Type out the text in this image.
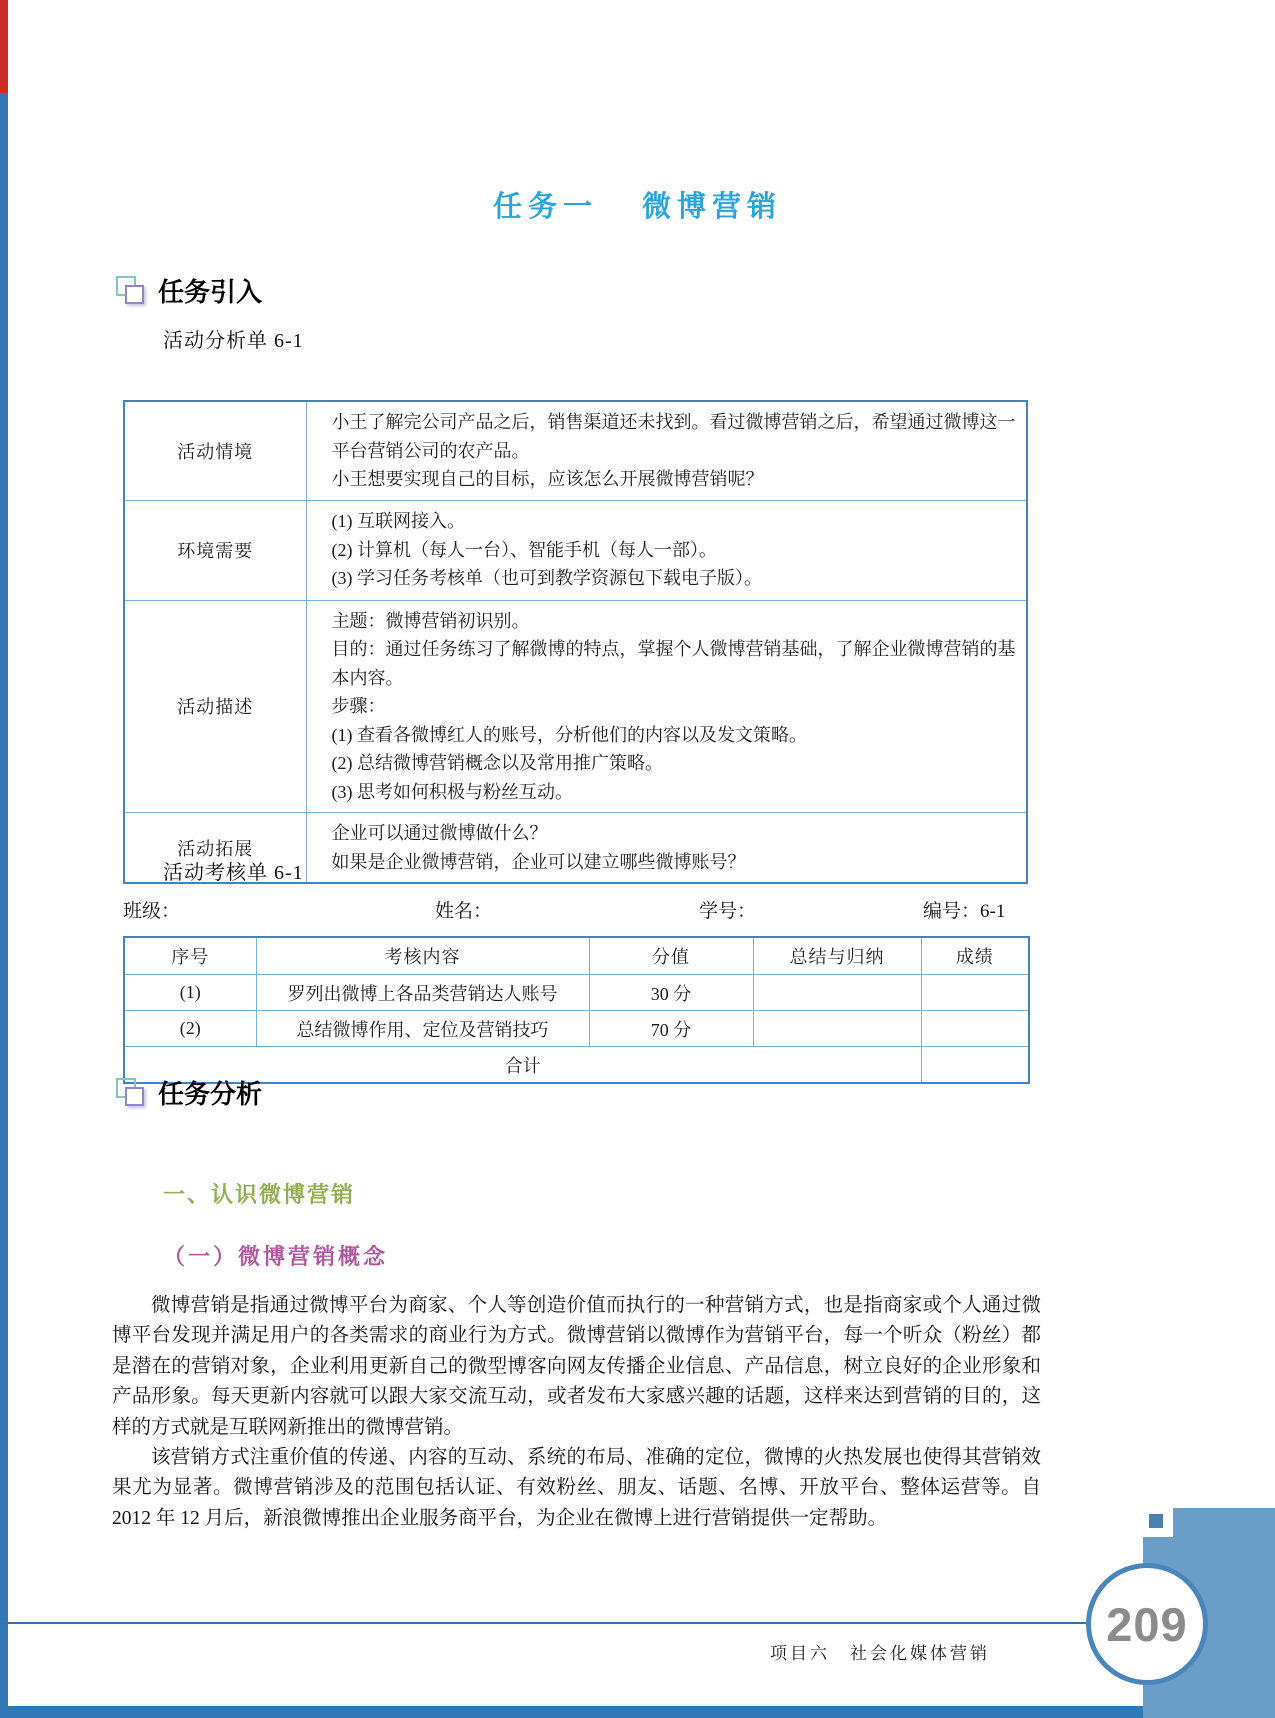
任务一 微博营销
任务引入
活动分析单 6-1
活动情境	小王了解完公司产品之后，销售渠道还未找到。看过微博营销之后，希望通过微博这一平台营销公司的农产品。
小王想要实现自己的目标，应该怎么开展微博营销呢？

环境需要	(1) 互联网接入。
(2) 计算机（每人一台）、智能手机（每人一部）。
(3) 学习任务考核单（也可到教学资源包下载电子版）。

活动描述	
主题：微博营销初识别。
目的：通过任务练习了解微博的特点，掌握个人微博营销基础，了解企业微博营销的基本内容。
步骤：
(1) 查看各微博红人的账号，分析他们的内容以及发文策略。
(2) 总结微博营销概念以及常用推广策略。
(3) 思考如何积极与粉丝互动。

活动拓展	企业可以通过微博做什么？
如果是企业微博营销，企业可以建立哪些微博账号？
活动考核单 6-1
班级：	姓名：	学号：	编号：6-1
序号	考核内容	分值	总结与归纳	成绩
(1)	罗列出微博上各品类营销达人账号	30 分		
(2)	总结微博作用、定位及营销技巧	70 分		
合计				
任务分析
一、认识微博营销
（一）微博营销概念

微博营销是指通过微博平台为商家、个人等创造价值而执行的一种营销方式，也是指商家或个人通过微博平台发现并满足用户的各类需求的商业行为方式。微博营销以微博作为营销平台，每一个听众（粉丝）都是潜在的营销对象，企业利用更新自己的微型博客向网友传播企业信息、产品信息，树立良好的企业形象和产品形象。每天更新内容就可以跟大家交流互动，或者发布大家感兴趣的话题，这样来达到营销的目的，这样的方式就是互联网新推出的微博营销。

该营销方式注重价值的传递、内容的互动、系统的布局、准确的定位，微博的火热发展也使得其营销效果尤为显著。微博营销涉及的范围包括认证、有效粉丝、朋友、话题、名博、开放平台、整体运营等。自 2012 年 12 月后，新浪微博推出企业服务商平台，为企业在微博上进行营销提供一定帮助。

项目六　 社会化媒体营销
209
